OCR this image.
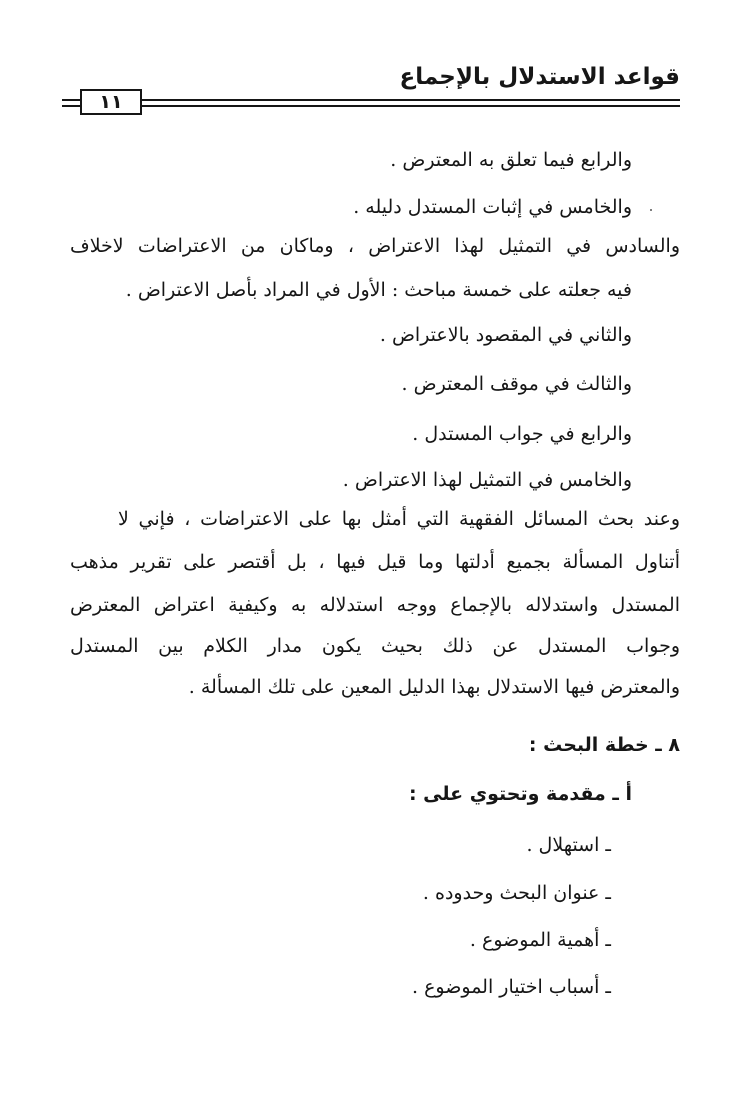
قواعد الاستدلال بالإجماع
١١
والرابع فيما تعلق به المعترض .
والخامس في إثبات المستدل دليله .
والسادس في التمثيل لهذا الاعتراض ، وماكان من الاعتراضات لاخلاف
فيه جعلته على خمسة مباحث : الأول في المراد بأصل الاعتراض .
والثاني في المقصود بالاعتراض .
والثالث في موقف المعترض .
والرابع في جواب المستدل .
والخامس في التمثيل لهذا الاعتراض .
وعند بحث المسائل الفقهية التي أمثل بها على الاعتراضات ، فإني لا
أتناول المسألة بجميع أدلتها وما قيل فيها ، بل أقتصر على تقرير مذهب
المستدل واستدلاله بالإجماع ووجه استدلاله به وكيفية اعتراض المعترض
وجواب المستدل عن ذلك بحيث يكون مدار الكلام بين المستدل
والمعترض فيها الاستدلال بهذا الدليل المعين على تلك المسألة .
٨ ـ خطة البحث :
أ ـ مقدمة وتحتوي على :
ـ استهلال .
ـ عنوان البحث وحدوده .
ـ أهمية الموضوع .
ـ أسباب اختيار الموضوع .
